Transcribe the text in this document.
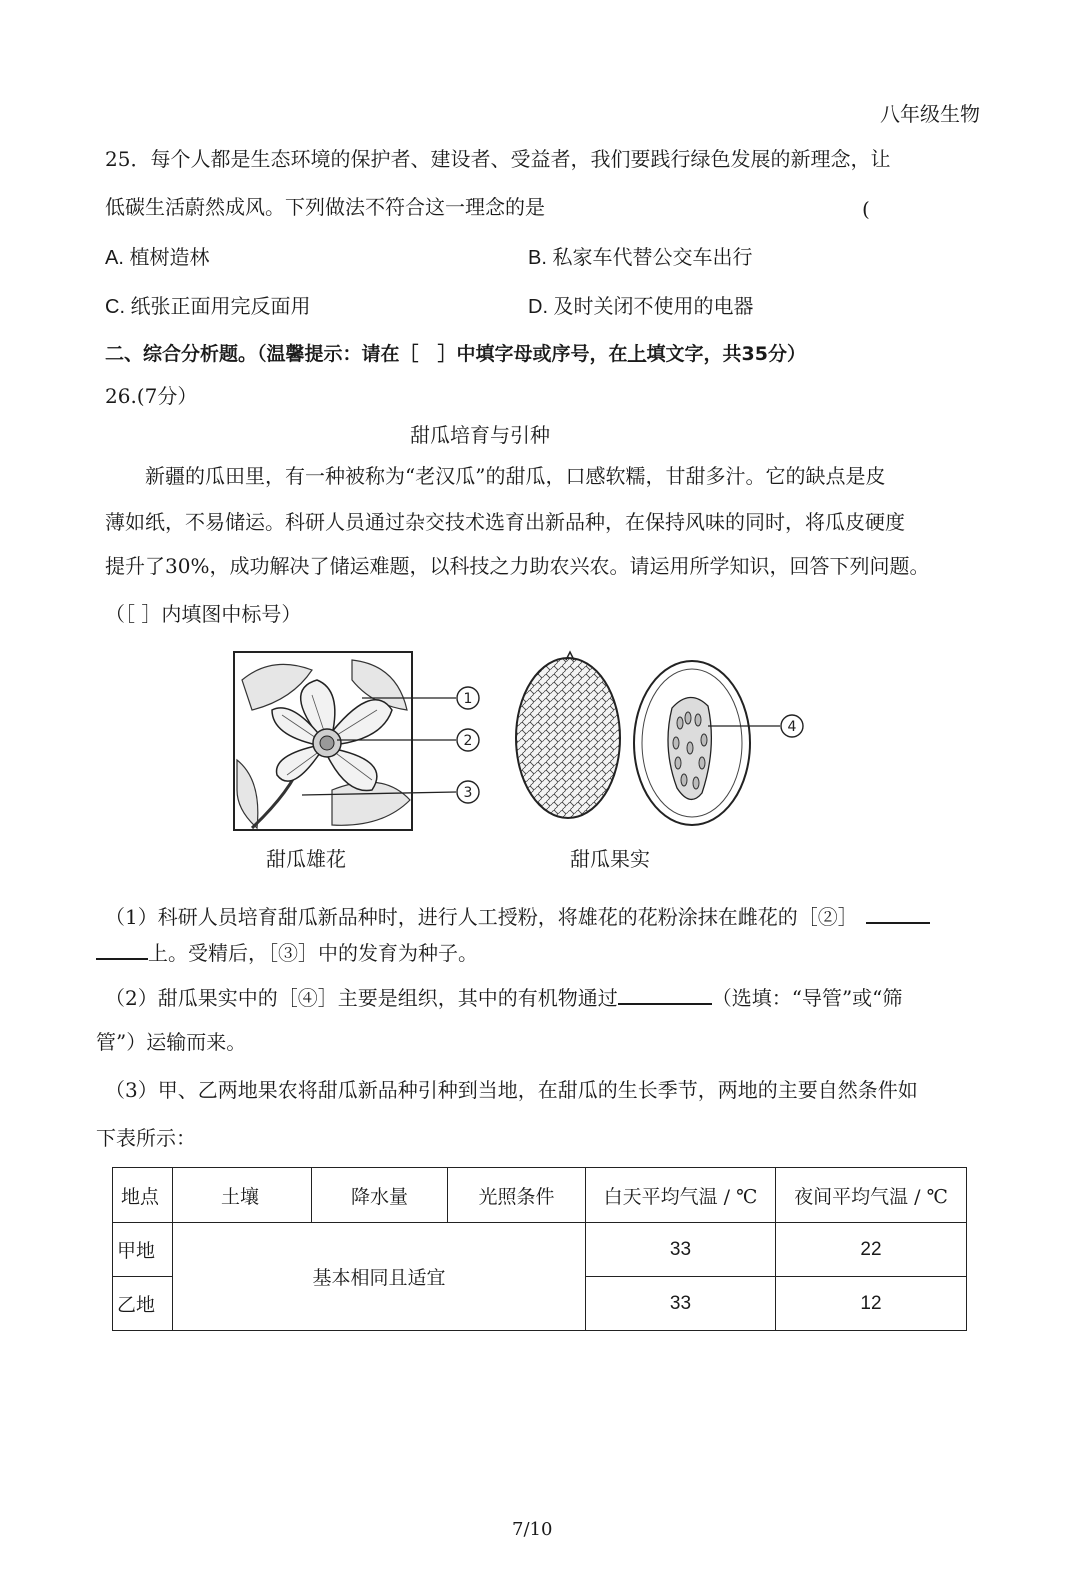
八年级生物
25．每个人都是生态环境的保护者、建设者、受益者，我们要践行绿色发展的新理念，让
低碳生活蔚然成风。下列做法不符合这一理念的是	(
A. 植树造林	B. 私家车代替公交车出行
C. 纸张正面用完反面用	D. 及时关闭不使用的电器
二、综合分析题。（温馨提示：请在［　］中填字母或序号，在上填文字，共35分）
26.(7分）
甜瓜培育与引种
新疆的瓜田里，有一种被称为“老汉瓜”的甜瓜，口感软糯，甘甜多汁。它的缺点是皮
薄如纸，不易储运。科研人员通过杂交技术选育出新品种，在保持风味的同时，将瓜皮硬度
提升了30%，成功解决了储运难题，以科技之力助农兴农。请运用所学知识，回答下列问题。
（［ ］内填图中标号）
1
2
3
4
甜瓜雄花	甜瓜果实
（1）科研人员培育甜瓜新品种时，进行人工授粉，将雄花的花粉涂抹在雌花的［②］
上。受精后，［③］中的发育为种子。
（2）甜瓜果实中的［④］主要是组织，其中的有机物通过	（选填：“导管”或“筛
管”）运输而来。
（3）甲、乙两地果农将甜瓜新品种引种到当地，在甜瓜的生长季节，两地的主要自然条件如
下表所示：
地点	土壤	降水量	光照条件	白天平均气温 / ℃	夜间平均气温 / ℃
甲地	基本相同且适宜			33	22
乙地				33	12
7/10
